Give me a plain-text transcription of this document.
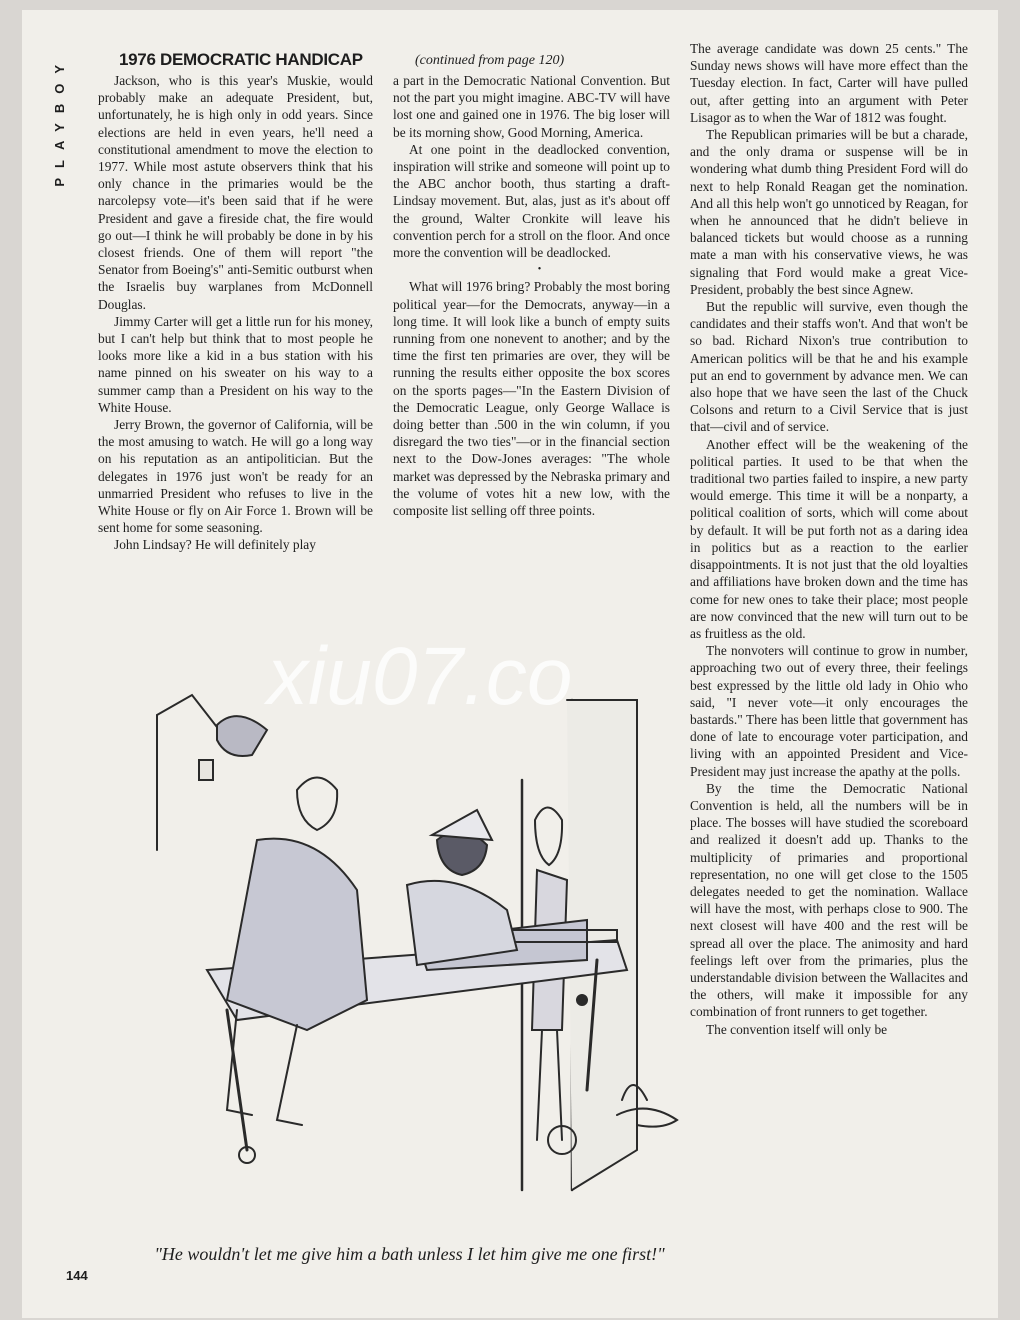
PLAYBOY	1976 DEMOCRATIC HANDICAP	(continued from page 120)

Jackson, who is this year's Muskie, would probably make an adequate President, but, unfortunately, he is high only in odd years. Since elections are held in even years, he'll need a constitutional amendment to move the election to 1977. While most astute observers think that his only chance in the primaries would be the narcolepsy vote—it's been said that if he were President and gave a fireside chat, the fire would go out—I think he will probably be done in by his closest friends. One of them will report "the Senator from Boeing's" anti-Semitic outburst when the Israelis buy warplanes from McDonnell Douglas.

Jimmy Carter will get a little run for his money, but I can't help but think that to most people he looks more like a kid in a bus station with his name pinned on his sweater on his way to a summer camp than a President on his way to the White House.

Jerry Brown, the governor of California, will be the most amusing to watch. He will go a long way on his reputation as an antipolitician. But the delegates in 1976 just won't be ready for an unmarried President who refuses to live in the White House or fly on Air Force 1. Brown will be sent home for some seasoning.

John Lindsay? He will definitely play

a part in the Democratic National Convention. But not the part you might imagine. ABC-TV will have lost one and gained one in 1976. The big loser will be its morning show, Good Morning, America.

At one point in the deadlocked convention, inspiration will strike and someone will point up to the ABC anchor booth, thus starting a draft-Lindsay movement. But, alas, just as it's about off the ground, Walter Cronkite will leave his convention perch for a stroll on the floor. And once more the convention will be deadlocked.

•

What will 1976 bring? Probably the most boring political year—for the Democrats, anyway—in a long time. It will look like a bunch of empty suits running from one nonevent to another; and by the time the first ten primaries are over, they will be running the results either opposite the box scores on the sports pages—"In the Eastern Division of the Democratic League, only George Wallace is doing better than .500 in the win column, if you disregard the two ties"—or in the financial section next to the Dow-Jones averages: "The whole market was depressed by the Nebraska primary and the volume of votes hit a new low, with the composite list selling off three points.

The average candidate was down 25 cents." The Sunday news shows will have more effect than the Tuesday election. In fact, Carter will have pulled out, after getting into an argument with Peter Lisagor as to when the War of 1812 was fought.

The Republican primaries will be but a charade, and the only drama or suspense will be in wondering what dumb thing President Ford will do next to help Ronald Reagan get the nomination. And all this help won't go unnoticed by Reagan, for when he announced that he didn't believe in balanced tickets but would choose as a running mate a man with his conservative views, he was signaling that Ford would make a great Vice-President, probably the best since Agnew.

But the republic will survive, even though the candidates and their staffs won't. And that won't be so bad. Richard Nixon's true contribution to American politics will be that he and his example put an end to government by advance men. We can also hope that we have seen the last of the Chuck Colsons and return to a Civil Service that is just that—civil and of service.

Another effect will be the weakening of the political parties. It used to be that when the traditional two parties failed to inspire, a new party would emerge. This time it will be a nonparty, a political coalition of sorts, which will come about by default. It will be put forth not as a daring idea in politics but as a reaction to the earlier disappointments. It is not just that the old loyalties and affiliations have broken down and the time has come for new ones to take their place; most people are now convinced that the new will turn out to be as fruitless as the old.

The nonvoters will continue to grow in number, approaching two out of every three, their feelings best expressed by the little old lady in Ohio who said, "I never vote—it only encourages the bastards." There has been little that government has done of late to encourage voter participation, and living with an appointed President and Vice-President may just increase the apathy at the polls.

By the time the Democratic National Convention is held, all the numbers will be in place. The bosses will have studied the scoreboard and realized it doesn't add up. Thanks to the multiplicity of primaries and proportional representation, no one will get close to the 1505 delegates needed to get the nomination. Wallace will have the most, with perhaps close to 900. The next closest will have 400 and the rest will be spread all over the place. The animosity and hard feelings left over from the primaries, plus the understandable division between the Wallacites and the others, will make it impossible for any combination of front runners to get together.

The convention itself will only be

"He wouldn't let me give him a bath unless I let him give me one first!"
144
xiu07.co
